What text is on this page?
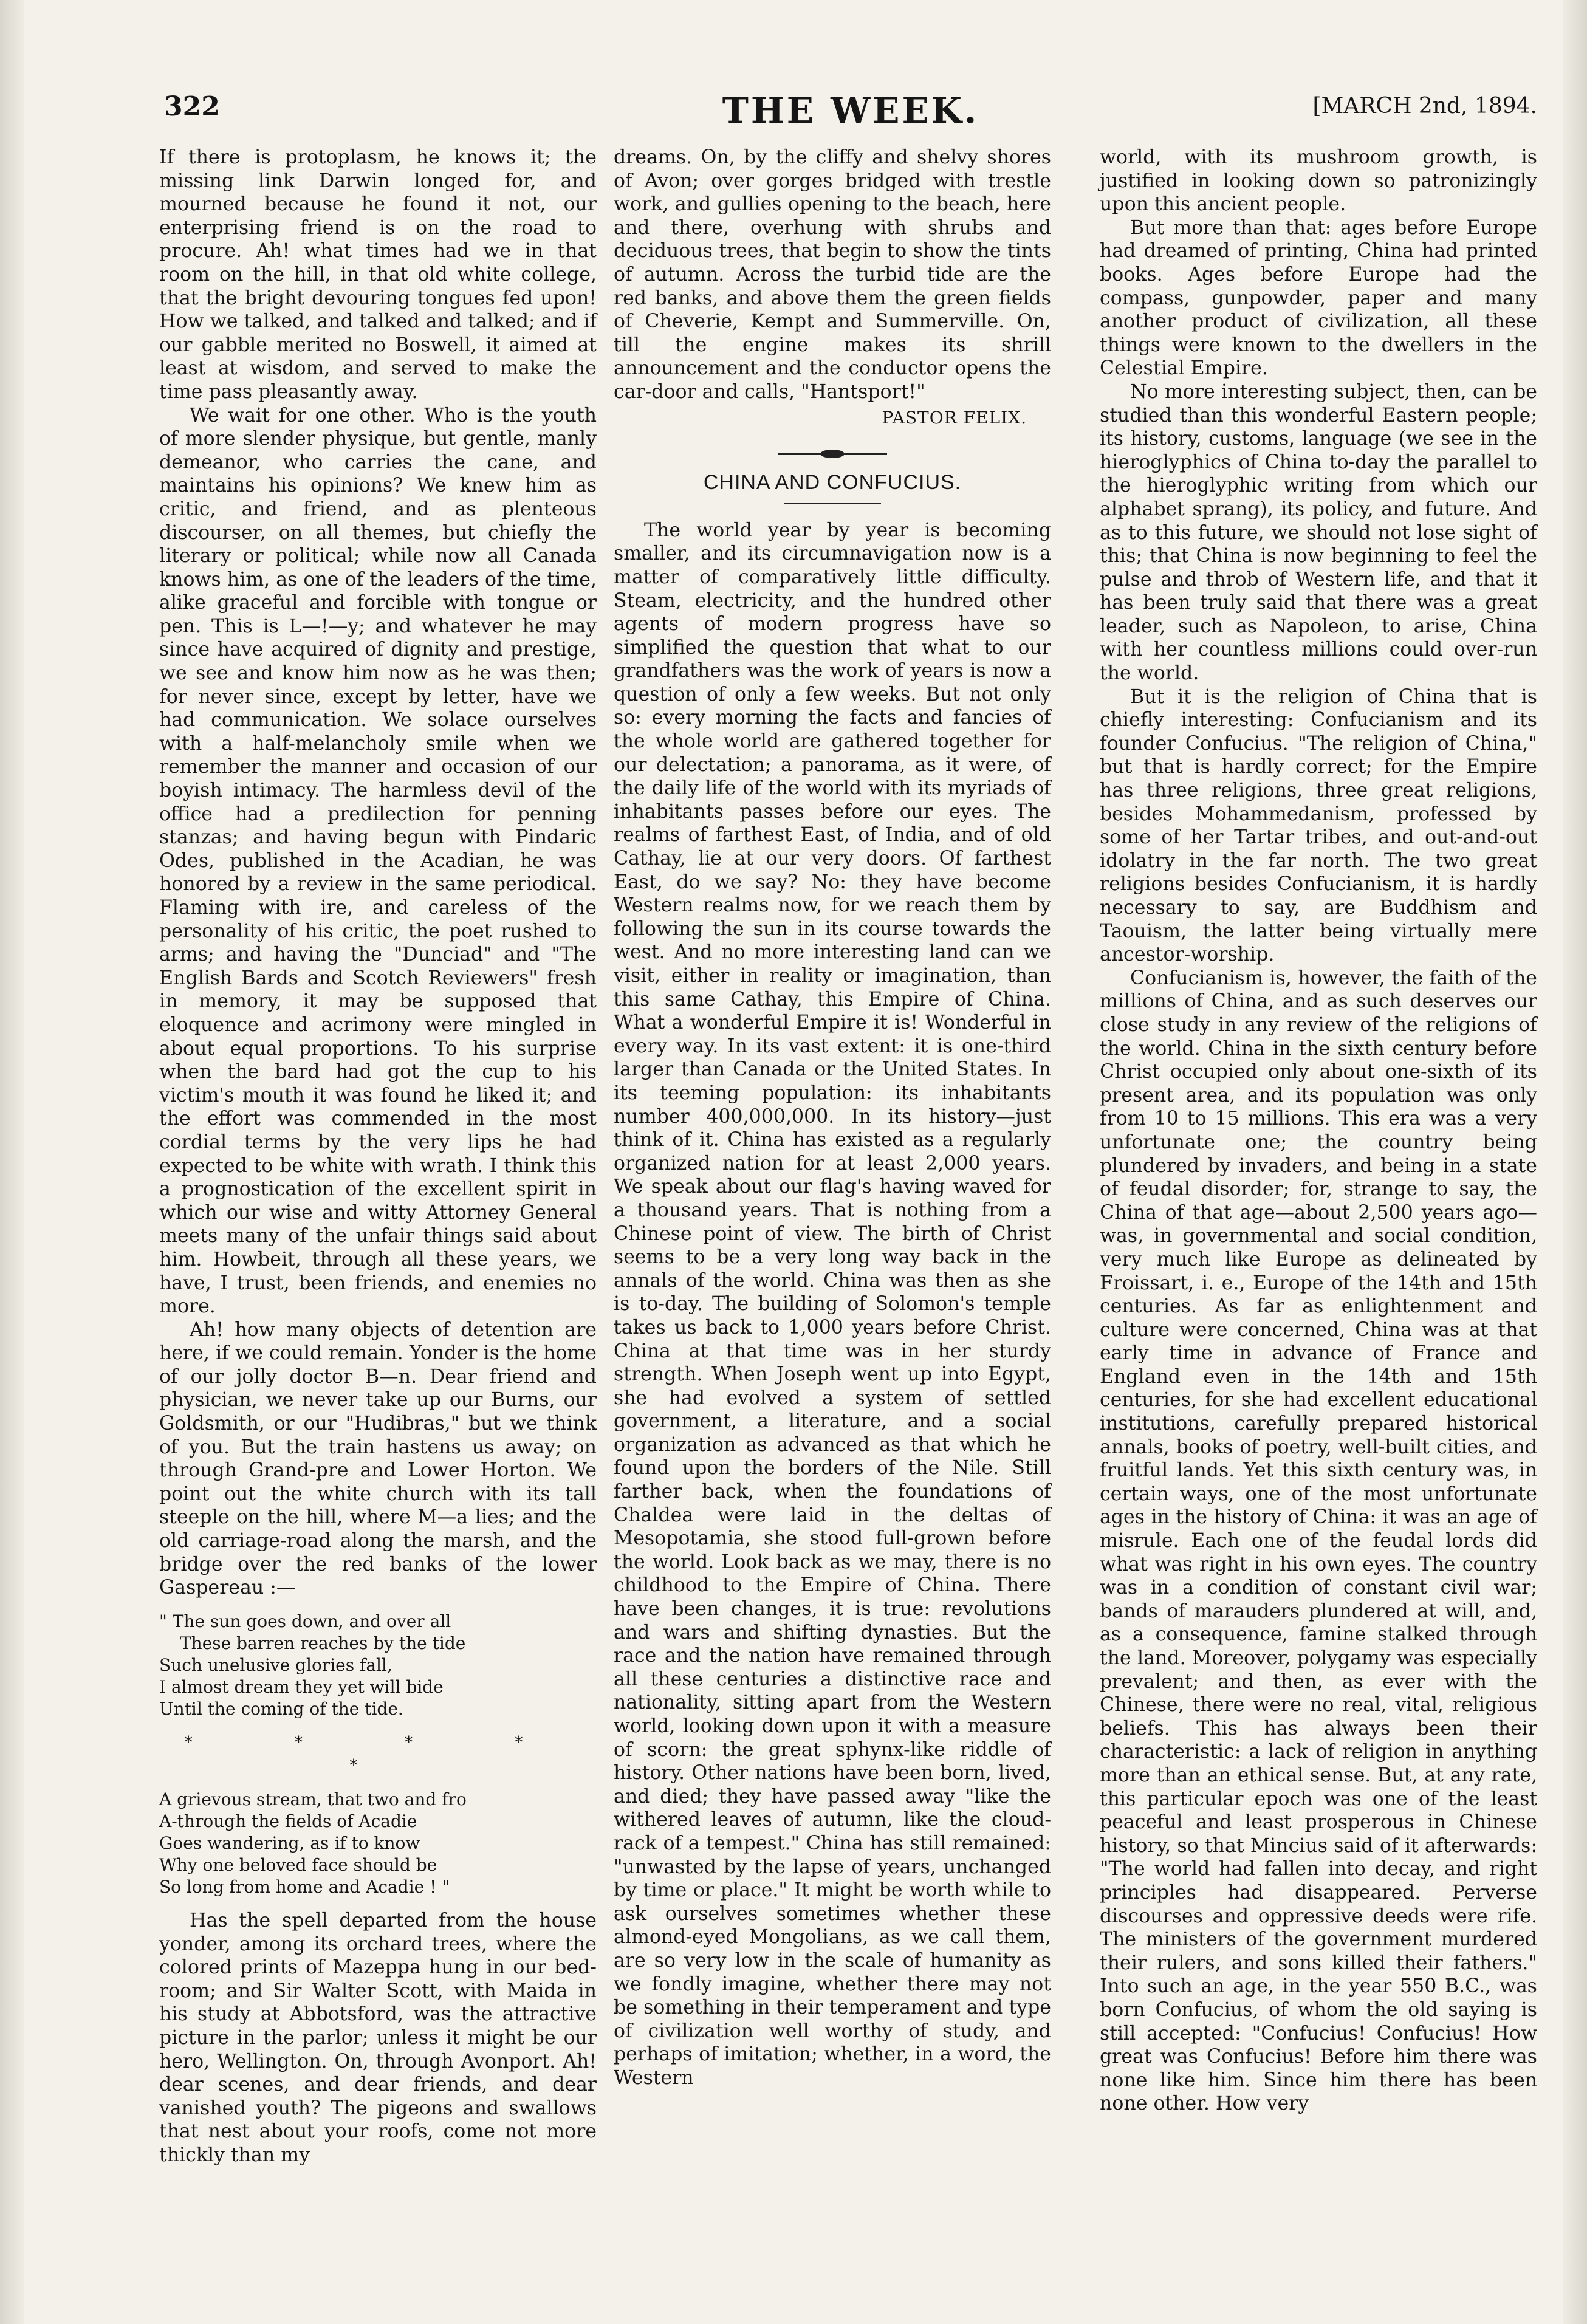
322	THE WEEK.	[MARCH 2nd, 1894.

If there is protoplasm, he knows it; the missing link Darwin longed for, and mourned because he found it not, our enterprising friend is on the road to procure. Ah! what times had we in that room on the hill, in that old white college, that the bright devouring tongues fed upon! How we talked, and talked and talked; and if our gabble merited no Boswell, it aimed at least at wisdom, and served to make the time pass pleasantly away.

We wait for one other. Who is the youth of more slender physique, but gentle, manly demeanor, who carries the cane, and maintains his opinions? We knew him as critic, and friend, and as plenteous discourser, on all themes, but chiefly the literary or political; while now all Canada knows him, as one of the leaders of the time, alike graceful and forcible with tongue or pen. This is L—!—y; and whatever he may since have acquired of dignity and prestige, we see and know him now as he was then; for never since, except by letter, have we had communication. We solace ourselves with a half-melancholy smile when we remember the manner and occasion of our boyish intimacy. The harmless devil of the office had a predilection for penning stanzas; and having begun with Pindaric Odes, published in the Acadian, he was honored by a review in the same periodical. Flaming with ire, and careless of the personality of his critic, the poet rushed to arms; and having the "Dunciad" and "The English Bards and Scotch Reviewers" fresh in memory, it may be supposed that eloquence and acrimony were mingled in about equal proportions. To his surprise when the bard had got the cup to his victim's mouth it was found he liked it; and the effort was commended in the most cordial terms by the very lips he had expected to be white with wrath. I think this a prognostication of the excellent spirit in which our wise and witty Attorney General meets many of the unfair things said about him. Howbeit, through all these years, we have, I trust, been friends, and enemies no more.

Ah! how many objects of detention are here, if we could remain. Yonder is the home of our jolly doctor B—n. Dear friend and physician, we never take up our Burns, our Goldsmith, or our "Hudibras," but we think of you. But the train hastens us away; on through Grand-pre and Lower Horton. We point out the white church with its tall steeple on the hill, where M—a lies; and the old carriage-road along the marsh, and the bridge over the red banks of the lower Gaspereau :—

" The sun goes down, and over all
These barren reaches by the tide
Such unelusive glories fall,
I almost dream they yet will bide
Until the coming of the tide.
* * * * *
A grievous stream, that two and fro
A-through the fields of Acadie
Goes wandering, as if to know
Why one beloved face should be
So long from home and Acadie ! "

Has the spell departed from the house yonder, among its orchard trees, where the colored prints of Mazeppa hung in our bed-room; and Sir Walter Scott, with Maida in his study at Abbotsford, was the attractive picture in the parlor; unless it might be our hero, Wellington. On, through Avonport. Ah! dear scenes, and dear friends, and dear vanished youth? The pigeons and swallows that nest about your roofs, come not more thickly than my

dreams. On, by the cliffy and shelvy shores of Avon; over gorges bridged with trestle work, and gullies opening to the beach, here and there, overhung with shrubs and deciduous trees, that begin to show the tints of autumn. Across the turbid tide are the red banks, and above them the green fields of Cheverie, Kempt and Summerville. On, till the engine makes its shrill announcement and the conductor opens the car-door and calls, "Hantsport!"

PASTOR FELIX.
CHINA AND CONFUCIUS.

The world year by year is becoming smaller, and its circumnavigation now is a matter of comparatively little difficulty. Steam, electricity, and the hundred other agents of modern progress have so simplified the question that what to our grandfathers was the work of years is now a question of only a few weeks. But not only so: every morning the facts and fancies of the whole world are gathered together for our delectation; a panorama, as it were, of the daily life of the world with its myriads of inhabitants passes before our eyes. The realms of farthest East, of India, and of old Cathay, lie at our very doors. Of farthest East, do we say? No: they have become Western realms now, for we reach them by following the sun in its course towards the west. And no more interesting land can we visit, either in reality or imagination, than this same Cathay, this Empire of China. What a wonderful Empire it is! Wonderful in every way. In its vast extent: it is one-third larger than Canada or the United States. In its teeming population: its inhabitants number 400,000,000. In its history—just think of it. China has existed as a regularly organized nation for at least 2,000 years. We speak about our flag's having waved for a thousand years. That is nothing from a Chinese point of view. The birth of Christ seems to be a very long way back in the annals of the world. China was then as she is to-day. The building of Solomon's temple takes us back to 1,000 years before Christ. China at that time was in her sturdy strength. When Joseph went up into Egypt, she had evolved a system of settled government, a literature, and a social organization as advanced as that which he found upon the borders of the Nile. Still farther back, when the foundations of Chaldea were laid in the deltas of Mesopotamia, she stood full-grown before the world. Look back as we may, there is no childhood to the Empire of China. There have been changes, it is true: revolutions and wars and shifting dynasties. But the race and the nation have remained through all these centuries a distinctive race and nationality, sitting apart from the Western world, looking down upon it with a measure of scorn: the great sphynx-like riddle of history. Other nations have been born, lived, and died; they have passed away "like the withered leaves of autumn, like the cloud-rack of a tempest." China has still remained: "unwasted by the lapse of years, unchanged by time or place." It might be worth while to ask ourselves sometimes whether these almond-eyed Mongolians, as we call them, are so very low in the scale of humanity as we fondly imagine, whether there may not be something in their temperament and type of civilization well worthy of study, and perhaps of imitation; whether, in a word, the Western

world, with its mushroom growth, is justified in looking down so patronizingly upon this ancient people.

But more than that: ages before Europe had dreamed of printing, China had printed books. Ages before Europe had the compass, gunpowder, paper and many another product of civilization, all these things were known to the dwellers in the Celestial Empire.

No more interesting subject, then, can be studied than this wonderful Eastern people; its history, customs, language (we see in the hieroglyphics of China to-day the parallel to the hieroglyphic writing from which our alphabet sprang), its policy, and future. And as to this future, we should not lose sight of this; that China is now beginning to feel the pulse and throb of Western life, and that it has been truly said that there was a great leader, such as Napoleon, to arise, China with her countless millions could over-run the world.

But it is the religion of China that is chiefly interesting: Confucianism and its founder Confucius. "The religion of China," but that is hardly correct; for the Empire has three religions, three great religions, besides Mohammedanism, professed by some of her Tartar tribes, and out-and-out idolatry in the far north. The two great religions besides Confucianism, it is hardly necessary to say, are Buddhism and Taouism, the latter being virtually mere ancestor-worship.

Confucianism is, however, the faith of the millions of China, and as such deserves our close study in any review of the religions of the world. China in the sixth century before Christ occupied only about one-sixth of its present area, and its population was only from 10 to 15 millions. This era was a very unfortunate one; the country being plundered by invaders, and being in a state of feudal disorder; for, strange to say, the China of that age—about 2,500 years ago—was, in governmental and social condition, very much like Europe as delineated by Froissart, i. e., Europe of the 14th and 15th centuries. As far as enlightenment and culture were concerned, China was at that early time in advance of France and England even in the 14th and 15th centuries, for she had excellent educational institutions, carefully prepared historical annals, books of poetry, well-built cities, and fruitful lands. Yet this sixth century was, in certain ways, one of the most unfortunate ages in the history of China: it was an age of misrule. Each one of the feudal lords did what was right in his own eyes. The country was in a condition of constant civil war; bands of marauders plundered at will, and, as a consequence, famine stalked through the land. Moreover, polygamy was especially prevalent; and then, as ever with the Chinese, there were no real, vital, religious beliefs. This has always been their characteristic: a lack of religion in anything more than an ethical sense. But, at any rate, this particular epoch was one of the least peaceful and least prosperous in Chinese history, so that Mincius said of it afterwards: "The world had fallen into decay, and right principles had disappeared. Perverse discourses and oppressive deeds were rife. The ministers of the government murdered their rulers, and sons killed their fathers." Into such an age, in the year 550 B.C., was born Confucius, of whom the old saying is still accepted: "Confucius! Confucius! How great was Confucius! Before him there was none like him. Since him there has been none other. How very
